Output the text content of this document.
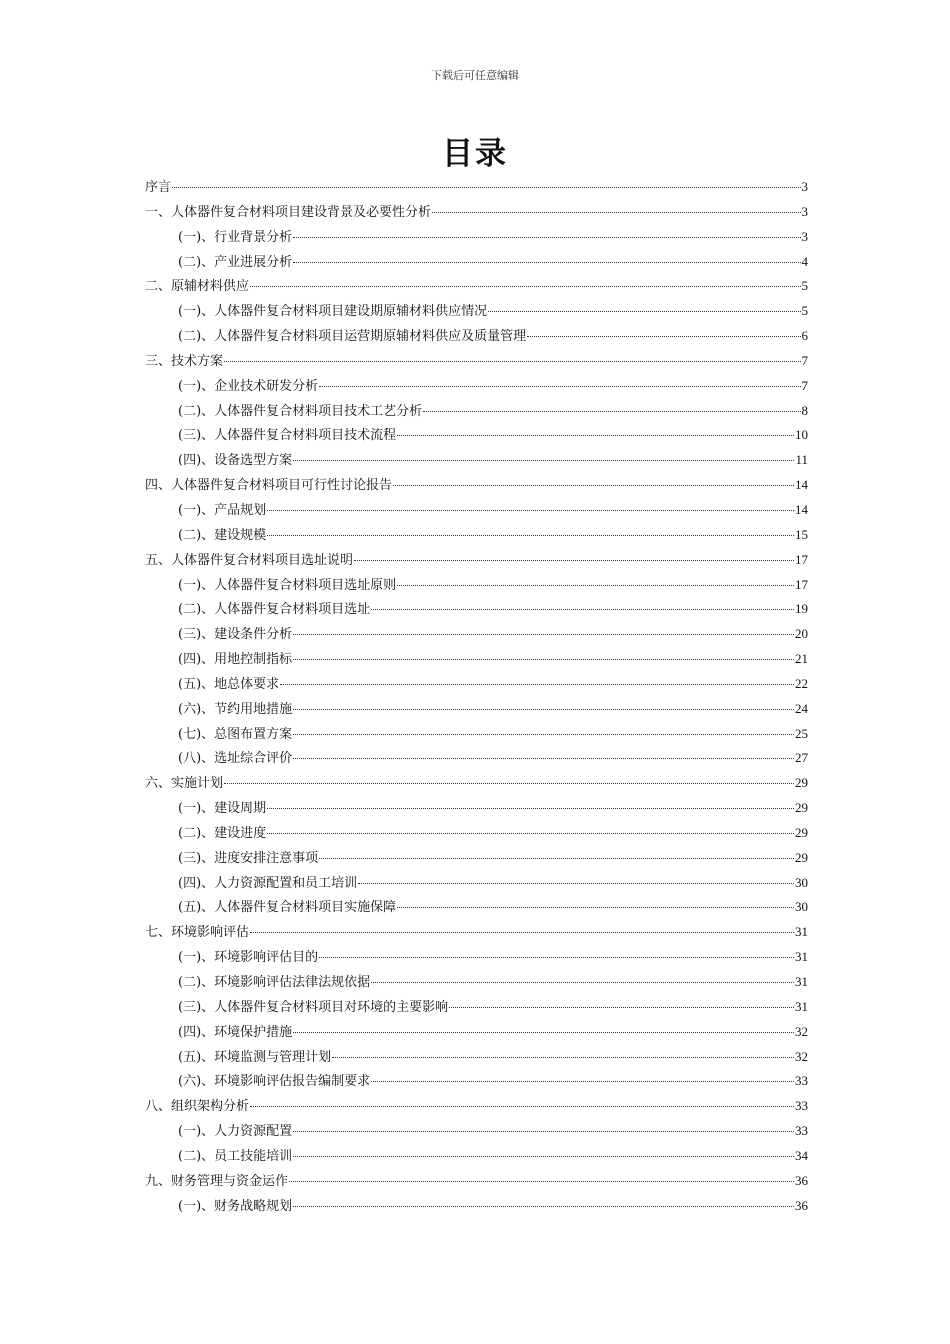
下载后可任意编辑
目录
序言	3
一、人体器件复合材料项目建设背景及必要性分析	3
(一)、行业背景分析	3
(二)、产业进展分析	4
二、原辅材料供应	5
(一)、人体器件复合材料项目建设期原辅材料供应情况	5
(二)、人体器件复合材料项目运营期原辅材料供应及质量管理	6
三、技术方案	7
(一)、企业技术研发分析	7
(二)、人体器件复合材料项目技术工艺分析	8
(三)、人体器件复合材料项目技术流程	10
(四)、设备选型方案	11
四、人体器件复合材料项目可行性讨论报告	14
(一)、产品规划	14
(二)、建设规模	15
五、人体器件复合材料项目选址说明	17
(一)、人体器件复合材料项目选址原则	17
(二)、人体器件复合材料项目选址	19
(三)、建设条件分析	20
(四)、用地控制指标	21
(五)、地总体要求	22
(六)、节约用地措施	24
(七)、总图布置方案	25
(八)、选址综合评价	27
六、实施计划	29
(一)、建设周期	29
(二)、建设进度	29
(三)、进度安排注意事项	29
(四)、人力资源配置和员工培训	30
(五)、人体器件复合材料项目实施保障	30
七、环境影响评估	31
(一)、环境影响评估目的	31
(二)、环境影响评估法律法规依据	31
(三)、人体器件复合材料项目对环境的主要影响	31
(四)、环境保护措施	32
(五)、环境监测与管理计划	32
(六)、环境影响评估报告编制要求	33
八、组织架构分析	33
(一)、人力资源配置	33
(二)、员工技能培训	34
九、财务管理与资金运作	36
(一)、财务战略规划	36
